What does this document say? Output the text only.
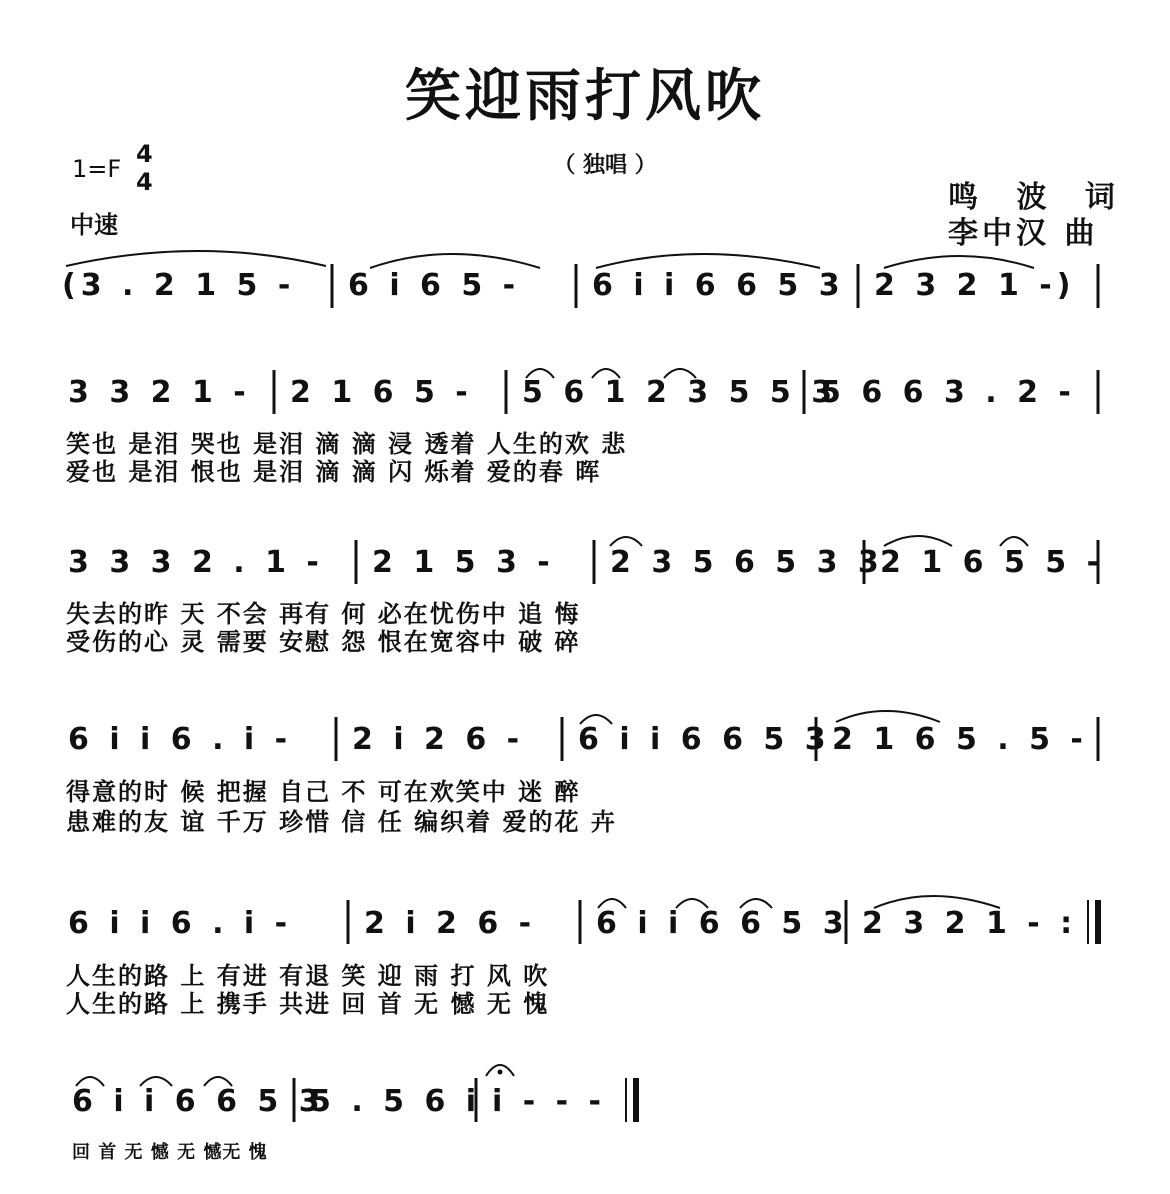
笑迎雨打风吹
（ 独唱 ）
1=F
4
4
中速
鸣 波 词
李中汉 曲
(3 . 2 1 5 - 6 i 6 5 - 6 i i 6 6 5 3 2 3 2 1 -)
3 3 2 1 - 2 1 6 5 - 5 6 1 2 3 5 5 3
5 6 6 3 . 2 -
笑也 是泪 哭也 是泪 滴 滴 浸 透着 人生的欢 悲
爱也 是泪 恨也 是泪 滴 滴 闪 烁着 爱的春 晖
3 3 3 2 . 1 - 2 1 5 3 - 2 3 5 6 5 3 3
2 1 6 5 5 -
失去的昨 天 不会 再有 何 必在忧伤中 追 悔
受伤的心 灵 需要 安慰 怨 恨在宽容中 破 碎
6 i i 6 . i - 2 i 2 6 - 6 i i 6 6 5 3 2 1 6 5 . 5 -
得意的时 候 把握 自己 不 可在欢笑中 迷 醉
患难的友 谊 千万 珍惜 信 任 编织着 爱的花 卉
6 i i 6 . i - 2 i 2 6 - 6 i i 6 6 5 3 2 3 2 1 - :
人生的路 上 有进 有退 笑 迎 雨 打 风 吹
人生的路 上 携手 共进 回 首 无 憾 无 愧
6 i i 6 6 5 3
5 . 5 6 i i - - -
回 首 无 憾 无 憾无 愧
